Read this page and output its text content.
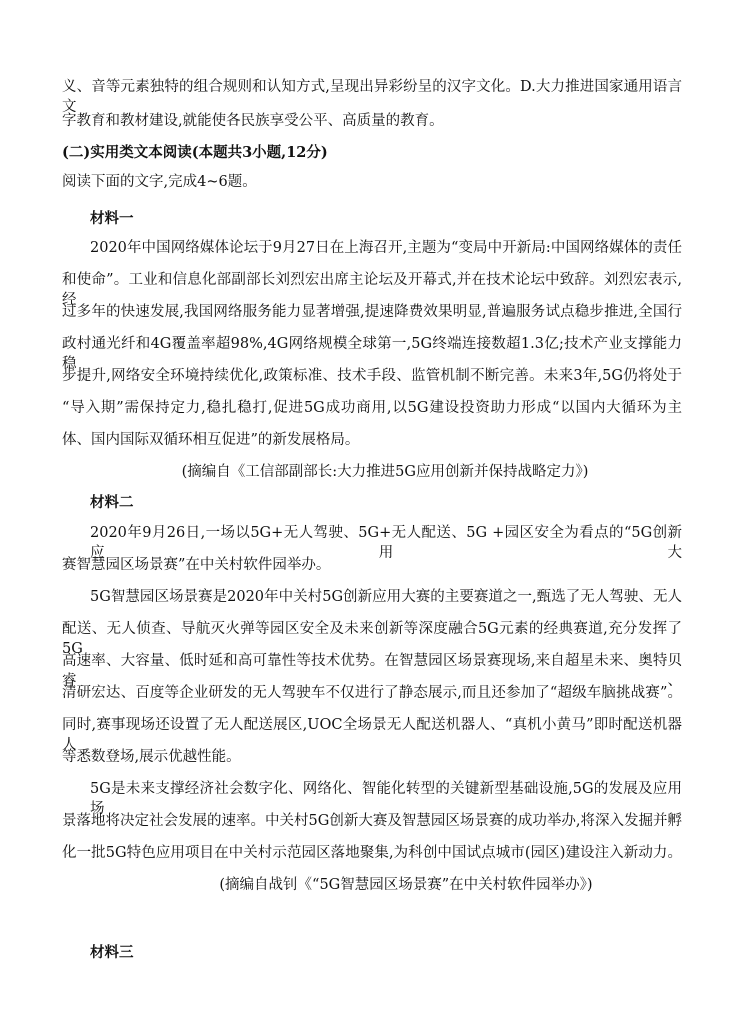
义、音等元素独特的组合规则和认知方式,呈现出异彩纷呈的汉字文化。D.大力推进国家通用语言文
字教育和教材建设,就能使各民族享受公平、高质量的教育。
(二)实用类文本阅读(本题共3小题,12分)
阅读下面的文字,完成4~6题。
材料一
2020年中国网络媒体论坛于9月27日在上海召开,主题为“变局中开新局:中国网络媒体的责任
和使命”。工业和信息化部副部长刘烈宏出席主论坛及开幕式,并在技术论坛中致辞。刘烈宏表示,经
过多年的快速发展,我国网络服务能力显著增强,提速降费效果明显,普遍服务试点稳步推进,全国行
政村通光纤和4G覆盖率超98%,4G网络规模全球第一,5G终端连接数超1.3亿;技术产业支撑能力稳
步提升,网络安全环境持续优化,政策标准、技术手段、监管机制不断完善。未来3年,5G仍将处于
“导入期”需保持定力,稳扎稳打,促进5G成功商用,以5G建设投资助力形成“以国内大循环为主
体、国内国际双循环相互促进”的新发展格局。
(摘编自《工信部副部长:大力推进5G应用创新并保持战略定力》)
材料二
2020年9月26日,一场以5G+无人驾驶、5G+无人配送、5G +园区安全为看点的“5G创新应用大
赛智慧园区场景赛”在中关村软件园举办。
5G智慧园区场景赛是2020年中关村5G创新应用大赛的主要赛道之一,甄选了无人驾驶、无人
配送、无人侦查、导航灭火弹等园区安全及未来创新等深度融合5G元素的经典赛道,充分发挥了5G
高速率、大容量、低时延和高可靠性等技术优势。在智慧园区场景赛现场,来自超星未来、奥特贝睿、
清研宏达、百度等企业研发的无人驾驶车不仅进行了静态展示,而且还参加了“超级车脑挑战赛”。
同时,赛事现场还设置了无人配送展区,UOC全场景无人配送机器人、“真机小黄马”即时配送机器人
等悉数登场,展示优越性能。
5G是未来支撑经济社会数字化、网络化、智能化转型的关键新型基础设施,5G的发展及应用场
景落地将决定社会发展的速率。中关村5G创新大赛及智慧园区场景赛的成功举办,将深入发掘并孵
化一批5G特色应用项目在中关村示范园区落地聚集,为科创中国试点城市(园区)建设注入新动力。
(摘编自战钊《“5G智慧园区场景赛”在中关村软件园举办》)
材料三
